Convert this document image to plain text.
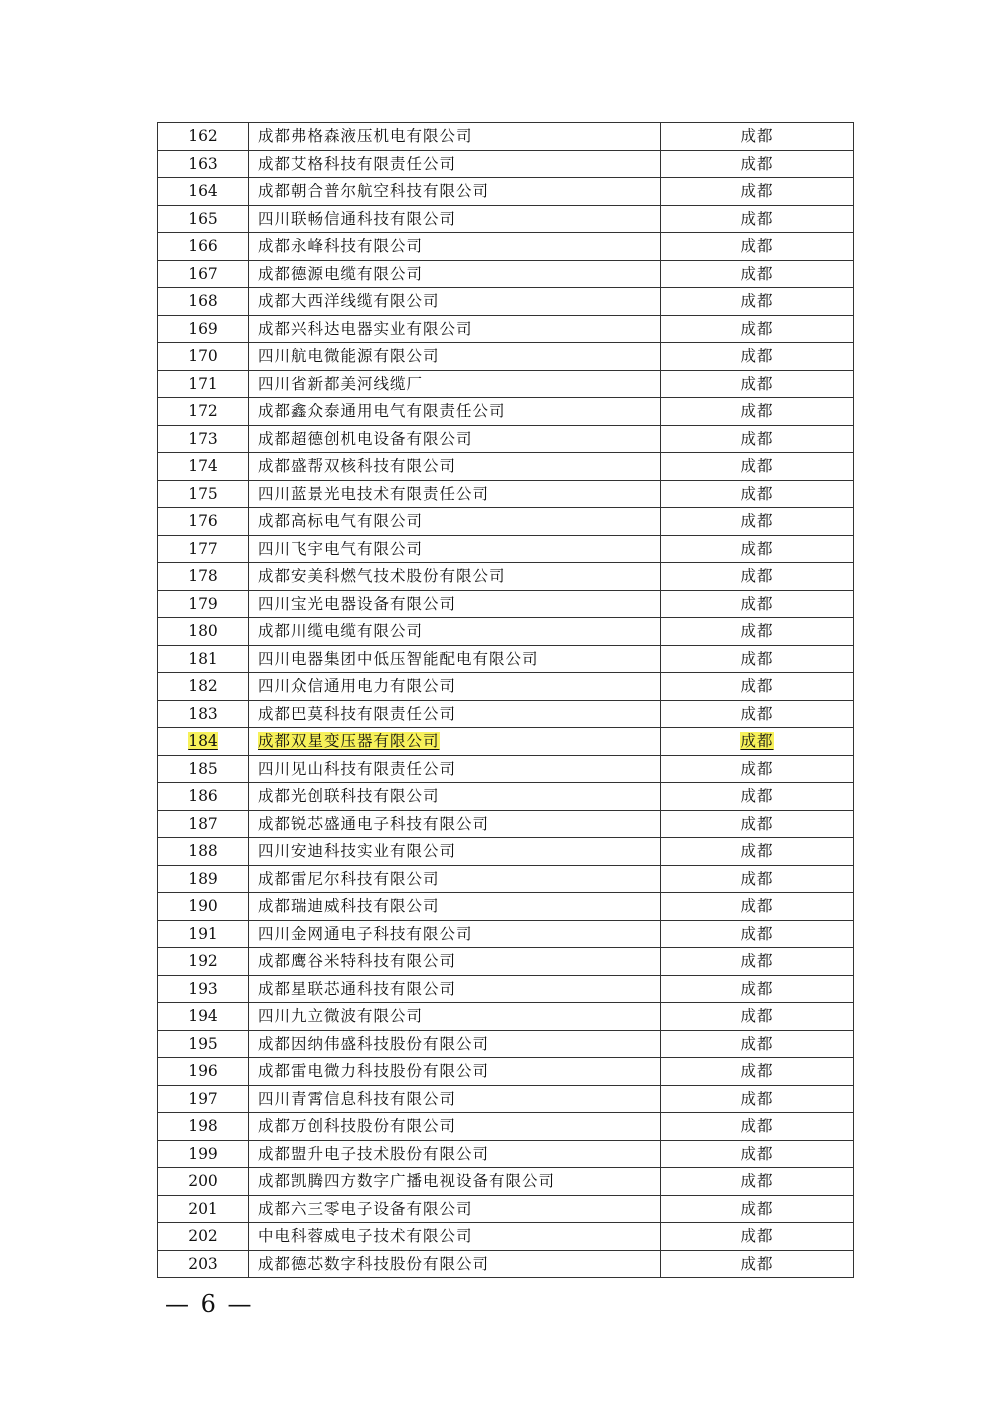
162	成都弗格森液压机电有限公司	成都
163	成都艾格科技有限责任公司	成都
164	成都朝合普尔航空科技有限公司	成都
165	四川联畅信通科技有限公司	成都
166	成都永峰科技有限公司	成都
167	成都德源电缆有限公司	成都
168	成都大西洋线缆有限公司	成都
169	成都兴科达电器实业有限公司	成都
170	四川航电微能源有限公司	成都
171	四川省新都美河线缆厂	成都
172	成都鑫众泰通用电气有限责任公司	成都
173	成都超德创机电设备有限公司	成都
174	成都盛帮双核科技有限公司	成都
175	四川蓝景光电技术有限责任公司	成都
176	成都高标电气有限公司	成都
177	四川飞宇电气有限公司	成都
178	成都安美科燃气技术股份有限公司	成都
179	四川宝光电器设备有限公司	成都
180	成都川缆电缆有限公司	成都
181	四川电器集团中低压智能配电有限公司	成都
182	四川众信通用电力有限公司	成都
183	成都巴莫科技有限责任公司	成都
184	成都双星变压器有限公司	成都
185	四川见山科技有限责任公司	成都
186	成都光创联科技有限公司	成都
187	成都锐芯盛通电子科技有限公司	成都
188	四川安迪科技实业有限公司	成都
189	成都雷尼尔科技有限公司	成都
190	成都瑞迪威科技有限公司	成都
191	四川金网通电子科技有限公司	成都
192	成都鹰谷米特科技有限公司	成都
193	成都星联芯通科技有限公司	成都
194	四川九立微波有限公司	成都
195	成都因纳伟盛科技股份有限公司	成都
196	成都雷电微力科技股份有限公司	成都
197	四川青霄信息科技有限公司	成都
198	成都万创科技股份有限公司	成都
199	成都盟升电子技术股份有限公司	成都
200	成都凯腾四方数字广播电视设备有限公司	成都
201	成都六三零电子设备有限公司	成都
202	中电科蓉威电子技术有限公司	成都
203	成都德芯数字科技股份有限公司	成都
— 6 —
